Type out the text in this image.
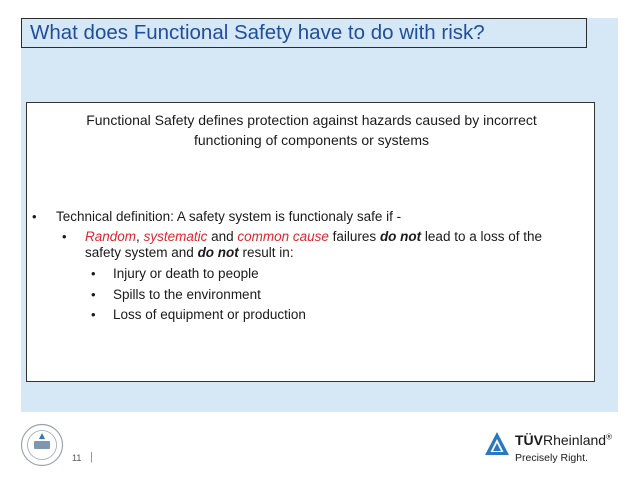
What does Functional Safety have to do with risk?
Functional Safety defines protection against hazards caused by incorrect
functioning of components or systems
• Technical definition: A safety system is functionaly safe if -
• Random, systematic and common cause failures do not lead to a loss of the
safety system and do not result in:
• Injury or death to people
• Spills to the environment
• Loss of equipment or production
11 |
TÜVRheinland®
Precisely Right.
